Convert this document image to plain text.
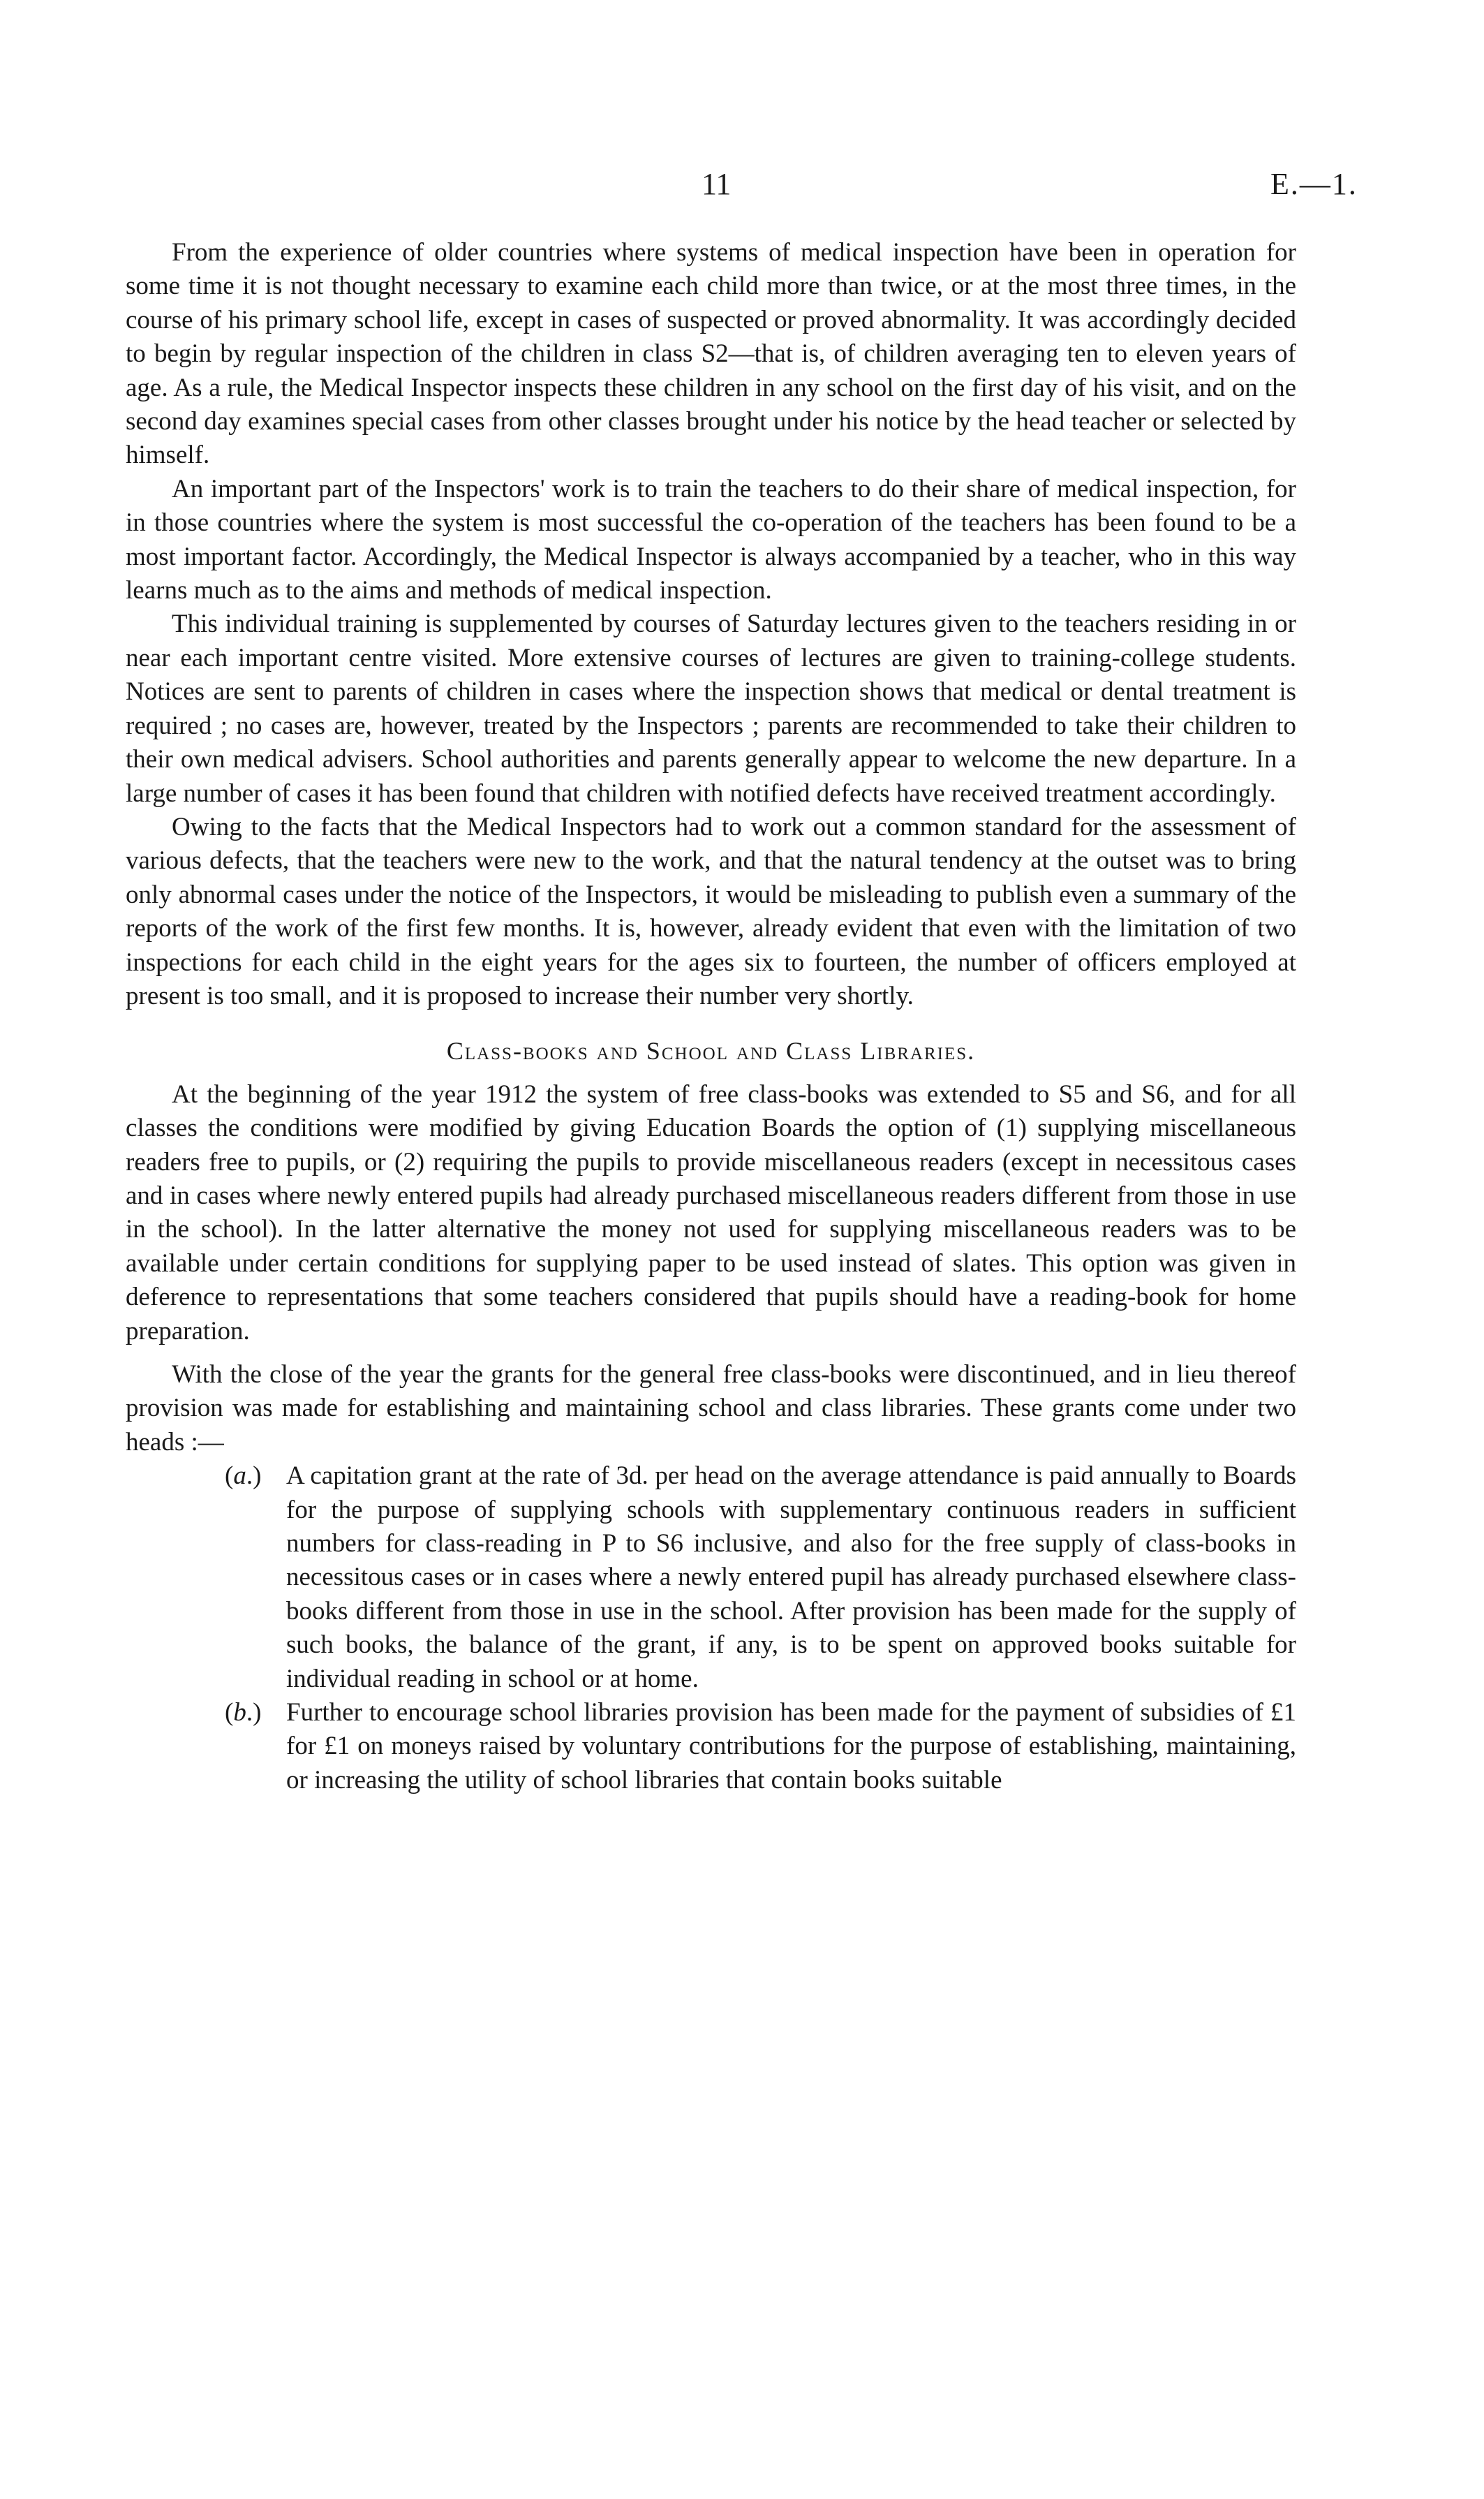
11	E.—1.

From the experience of older countries where systems of medical inspection have been in operation for some time it is not thought necessary to examine each child more than twice, or at the most three times, in the course of his primary school life, except in cases of suspected or proved abnormality. It was accordingly decided to begin by regular inspection of the children in class S2—that is, of children averaging ten to eleven years of age. As a rule, the Medical Inspector inspects these children in any school on the first day of his visit, and on the second day examines special cases from other classes brought under his notice by the head teacher or selected by himself.

An important part of the Inspectors' work is to train the teachers to do their share of medical inspection, for in those countries where the system is most successful the co-operation of the teachers has been found to be a most important factor. Accordingly, the Medical Inspector is always accompanied by a teacher, who in this way learns much as to the aims and methods of medical inspection.

This individual training is supplemented by courses of Saturday lectures given to the teachers residing in or near each important centre visited. More extensive courses of lectures are given to training-college students. Notices are sent to parents of children in cases where the inspection shows that medical or dental treatment is required ; no cases are, however, treated by the Inspectors ; parents are recommended to take their children to their own medical advisers. School authorities and parents generally appear to welcome the new departure. In a large number of cases it has been found that children with notified defects have received treatment accordingly.

Owing to the facts that the Medical Inspectors had to work out a common standard for the assessment of various defects, that the teachers were new to the work, and that the natural tendency at the outset was to bring only abnormal cases under the notice of the Inspectors, it would be misleading to publish even a summary of the reports of the work of the first few months. It is, however, already evident that even with the limitation of two inspections for each child in the eight years for the ages six to fourteen, the number of officers employed at present is too small, and it is proposed to increase their number very shortly.

Class-books and School and Class Libraries.

At the beginning of the year 1912 the system of free class-books was extended to S5 and S6, and for all classes the conditions were modified by giving Education Boards the option of (1) supplying miscellaneous readers free to pupils, or (2) requiring the pupils to provide miscellaneous readers (except in necessitous cases and in cases where newly entered pupils had already purchased miscellaneous readers different from those in use in the school). In the latter alternative the money not used for supplying miscellaneous readers was to be available under certain conditions for supplying paper to be used instead of slates. This option was given in deference to representations that some teachers considered that pupils should have a reading-book for home preparation.

With the close of the year the grants for the general free class-books were discontinued, and in lieu thereof provision was made for establishing and maintaining school and class libraries. These grants come under two heads :—

(a.) A capitation grant at the rate of 3d. per head on the average attendance is paid annually to Boards for the purpose of supplying schools with supplementary continuous readers in sufficient numbers for class-reading in P to S6 inclusive, and also for the free supply of class-books in necessitous cases or in cases where a newly entered pupil has already purchased elsewhere class-books different from those in use in the school. After provision has been made for the supply of such books, the balance of the grant, if any, is to be spent on approved books suitable for individual reading in school or at home.
(b.) Further to encourage school libraries provision has been made for the payment of subsidies of £1 for £1 on moneys raised by voluntary contributions for the purpose of establishing, maintaining, or increasing the utility of school libraries that contain books suitable
